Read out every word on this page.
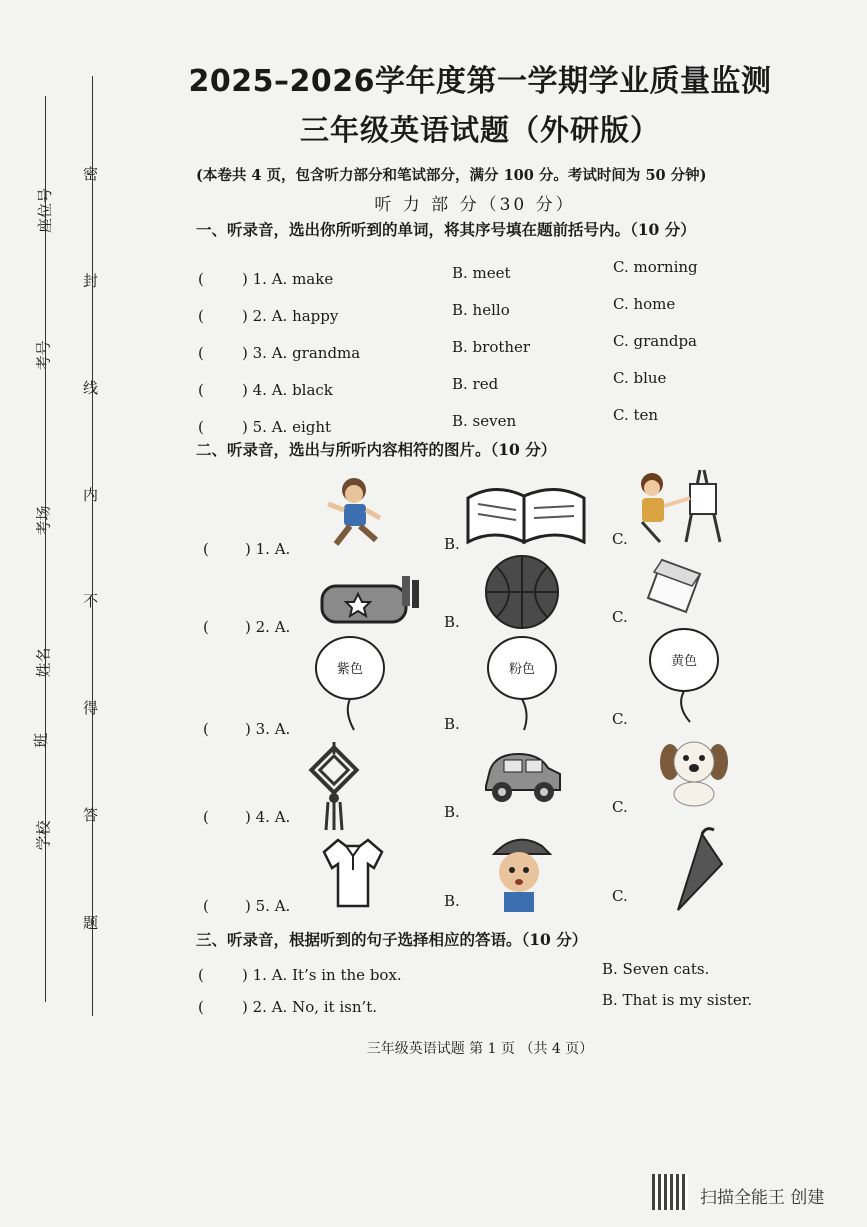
座位号
考号
考场
姓名
班
学校
密
封
线
内
不
得
答
题
2025–2026学年度第一学期学业质量监测
三年级英语试题（外研版）
(本卷共 4 页，包含听力部分和笔试部分，满分 100 分。考试时间为 50 分钟)
听 力 部 分（30 分）
一、听录音，选出你所听到的单词，将其序号填在题前括号内。（10 分）
(	) 1. A. make	B. meet	C. morning
(	) 2. A. happy	B. hello	C. home
(	) 3. A. grandma	B. brother	C. grandpa
(	) 4. A. black	B. red	C. blue
(	) 5. A. eight	B. seven	C. ten
二、听录音，选出与所听内容相符的图片。（10 分）
( ) 1. A.	B.	C.
( ) 2. A.	B.	C.
( ) 3. A.	B.	C.
紫色	粉色
黄色
( ) 4. A.	B.	C.
( ) 5. A.	B.	C.
三、听录音，根据听到的句子选择相应的答语。（10 分）
(	) 1. A. It’s in the box.	B. Seven cats.
(	) 2. A. No, it isn’t.	B. That is my sister.
三年级英语试题 第 1 页 （共 4 页）
扫描全能王 创建
